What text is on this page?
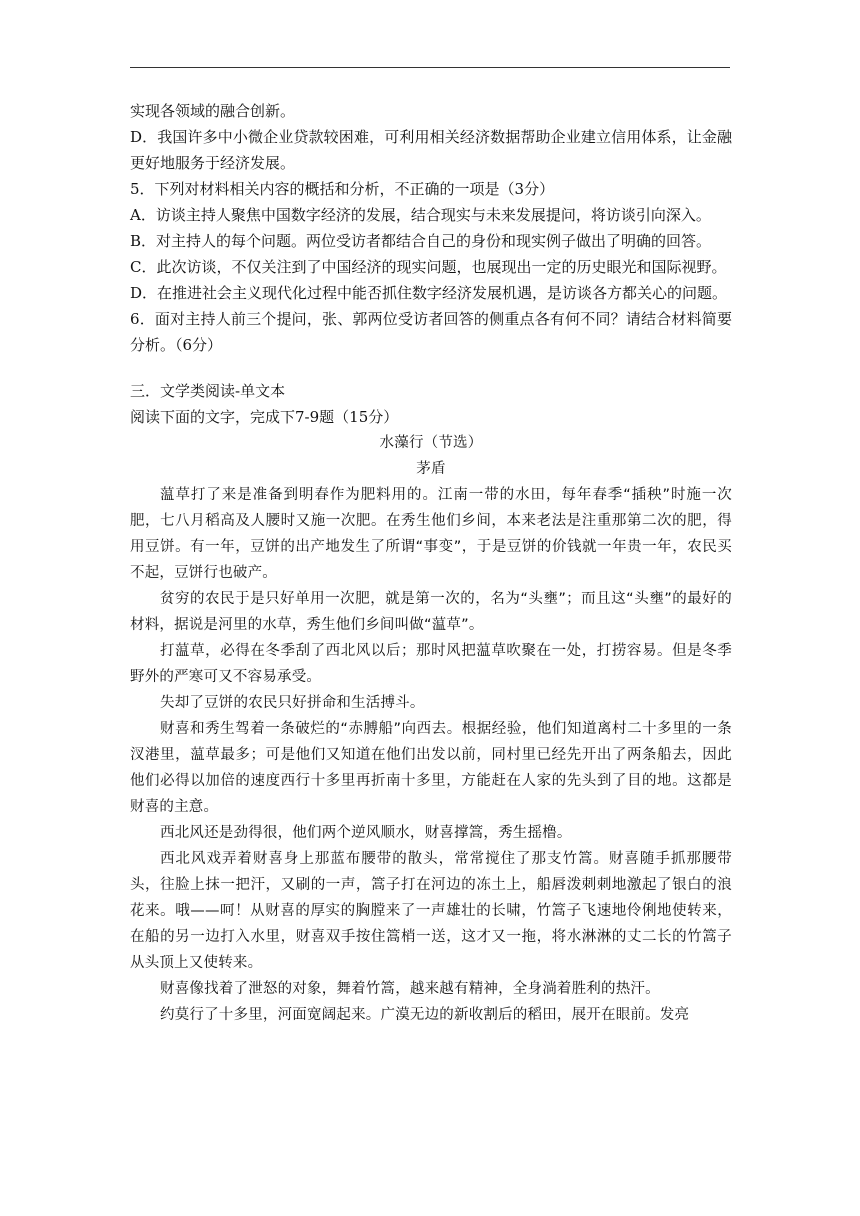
实现各领域的融合创新。

D．我国许多中小微企业贷款较困难，可利用相关经济数据帮助企业建立信用体系，让金融更好地服务于经济发展。

5．下列对材料相关内容的概括和分析，不正确的一项是（3分）

A．访谈主持人聚焦中国数字经济的发展，结合现实与未来发展提问，将访谈引向深入。

B．对主持人的每个问题。两位受访者都结合自己的身份和现实例子做出了明确的回答。

C．此次访谈，不仅关注到了中国经济的现实问题，也展现出一定的历史眼光和国际视野。

D．在推进社会主义现代化过程中能否抓住数字经济发展机遇，是访谈各方都关心的问题。

6．面对主持人前三个提问，张、郭两位受访者回答的侧重点各有何不同？请结合材料简要分析。（6分）

三．文学类阅读-单文本

阅读下面的文字，完成下7-9题（15分）

水藻行（节选）

茅盾

蕰草打了来是准备到明春作为肥料用的。江南一带的水田，每年春季“插秧”时施一次肥，七八月稻高及人腰时又施一次肥。在秀生他们乡间，本来老法是注重那第二次的肥，得用豆饼。有一年，豆饼的出产地发生了所谓“事变”，于是豆饼的价钱就一年贵一年，农民买不起，豆饼行也破产。

贫穷的农民于是只好单用一次肥，就是第一次的，名为“头壅”；而且这“头壅”的最好的材料，据说是河里的水草，秀生他们乡间叫做“蕰草”。

打蕰草，必得在冬季刮了西北风以后；那时风把蕰草吹聚在一处，打捞容易。但是冬季野外的严寒可又不容易承受。

失却了豆饼的农民只好拼命和生活搏斗。

财喜和秀生驾着一条破烂的“赤膊船”向西去。根据经验，他们知道离村二十多里的一条汊港里，蕰草最多；可是他们又知道在他们出发以前，同村里已经先开出了两条船去，因此他们必得以加倍的速度西行十多里再折南十多里，方能赶在人家的先头到了目的地。这都是财喜的主意。

西北风还是劲得很，他们两个逆风顺水，财喜撑篙，秀生摇橹。

西北风戏弄着财喜身上那蓝布腰带的散头，常常搅住了那支竹篙。财喜随手抓那腰带头，往脸上抹一把汗，又刷的一声，篙子打在河边的冻土上，船唇泼刺刺地激起了银白的浪花来。哦——呵！从财喜的厚实的胸膛来了一声雄壮的长啸，竹篙子飞速地伶俐地使转来，在船的另一边打入水里，财喜双手按住篙梢一送，这才又一拖，将水淋淋的丈二长的竹篙子从头顶上又使转来。

财喜像找着了泄怒的对象，舞着竹篙，越来越有精神，全身淌着胜利的热汗。

约莫行了十多里，河面宽阔起来。广漠无边的新收割后的稻田，展开在眼前。发亮
